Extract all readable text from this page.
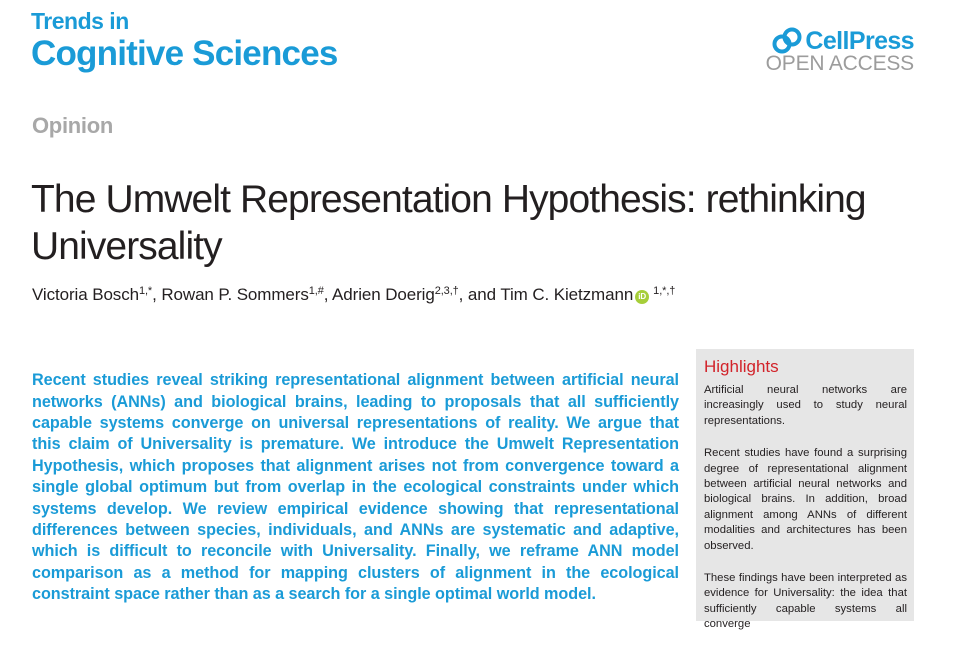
Trends in
Cognitive Sciences	CellPress
OPEN ACCESS
Opinion
The Umwelt Representation Hypothesis: rethinking Universality
Victoria Bosch$^{1,*}$, Rowan P. Sommers$^{1,\#}$, Adrien Doerig$^{2,3,\dagger}$, and Tim C. Kietzmann iD $^{1,*,\dagger}$

Recent studies reveal striking representational alignment between artificial neural networks (ANNs) and biological brains, leading to proposals that all sufficiently capable systems converge on universal representations of reality. We argue that this claim of Universality is premature. We introduce the Umwelt Representation Hypothesis, which proposes that alignment arises not from convergence toward a single global optimum but from overlap in the ecological constraints under which systems develop. We review empirical evidence showing that representational differences between species, individuals, and ANNs are systematic and adaptive, which is difficult to reconcile with Universality. Finally, we reframe ANN model comparison as a method for mapping clusters of alignment in the ecological constraint space rather than as a search for a single optimal world model.

Highlights

Artificial neural networks are increasingly used to study neural representations.

Recent studies have found a surprising degree of representational alignment between artificial neural networks and biological brains. In addition, broad alignment among ANNs of different modalities and architectures has been observed.

These findings have been interpreted as evidence for Universality: the idea that sufficiently capable systems all converge
